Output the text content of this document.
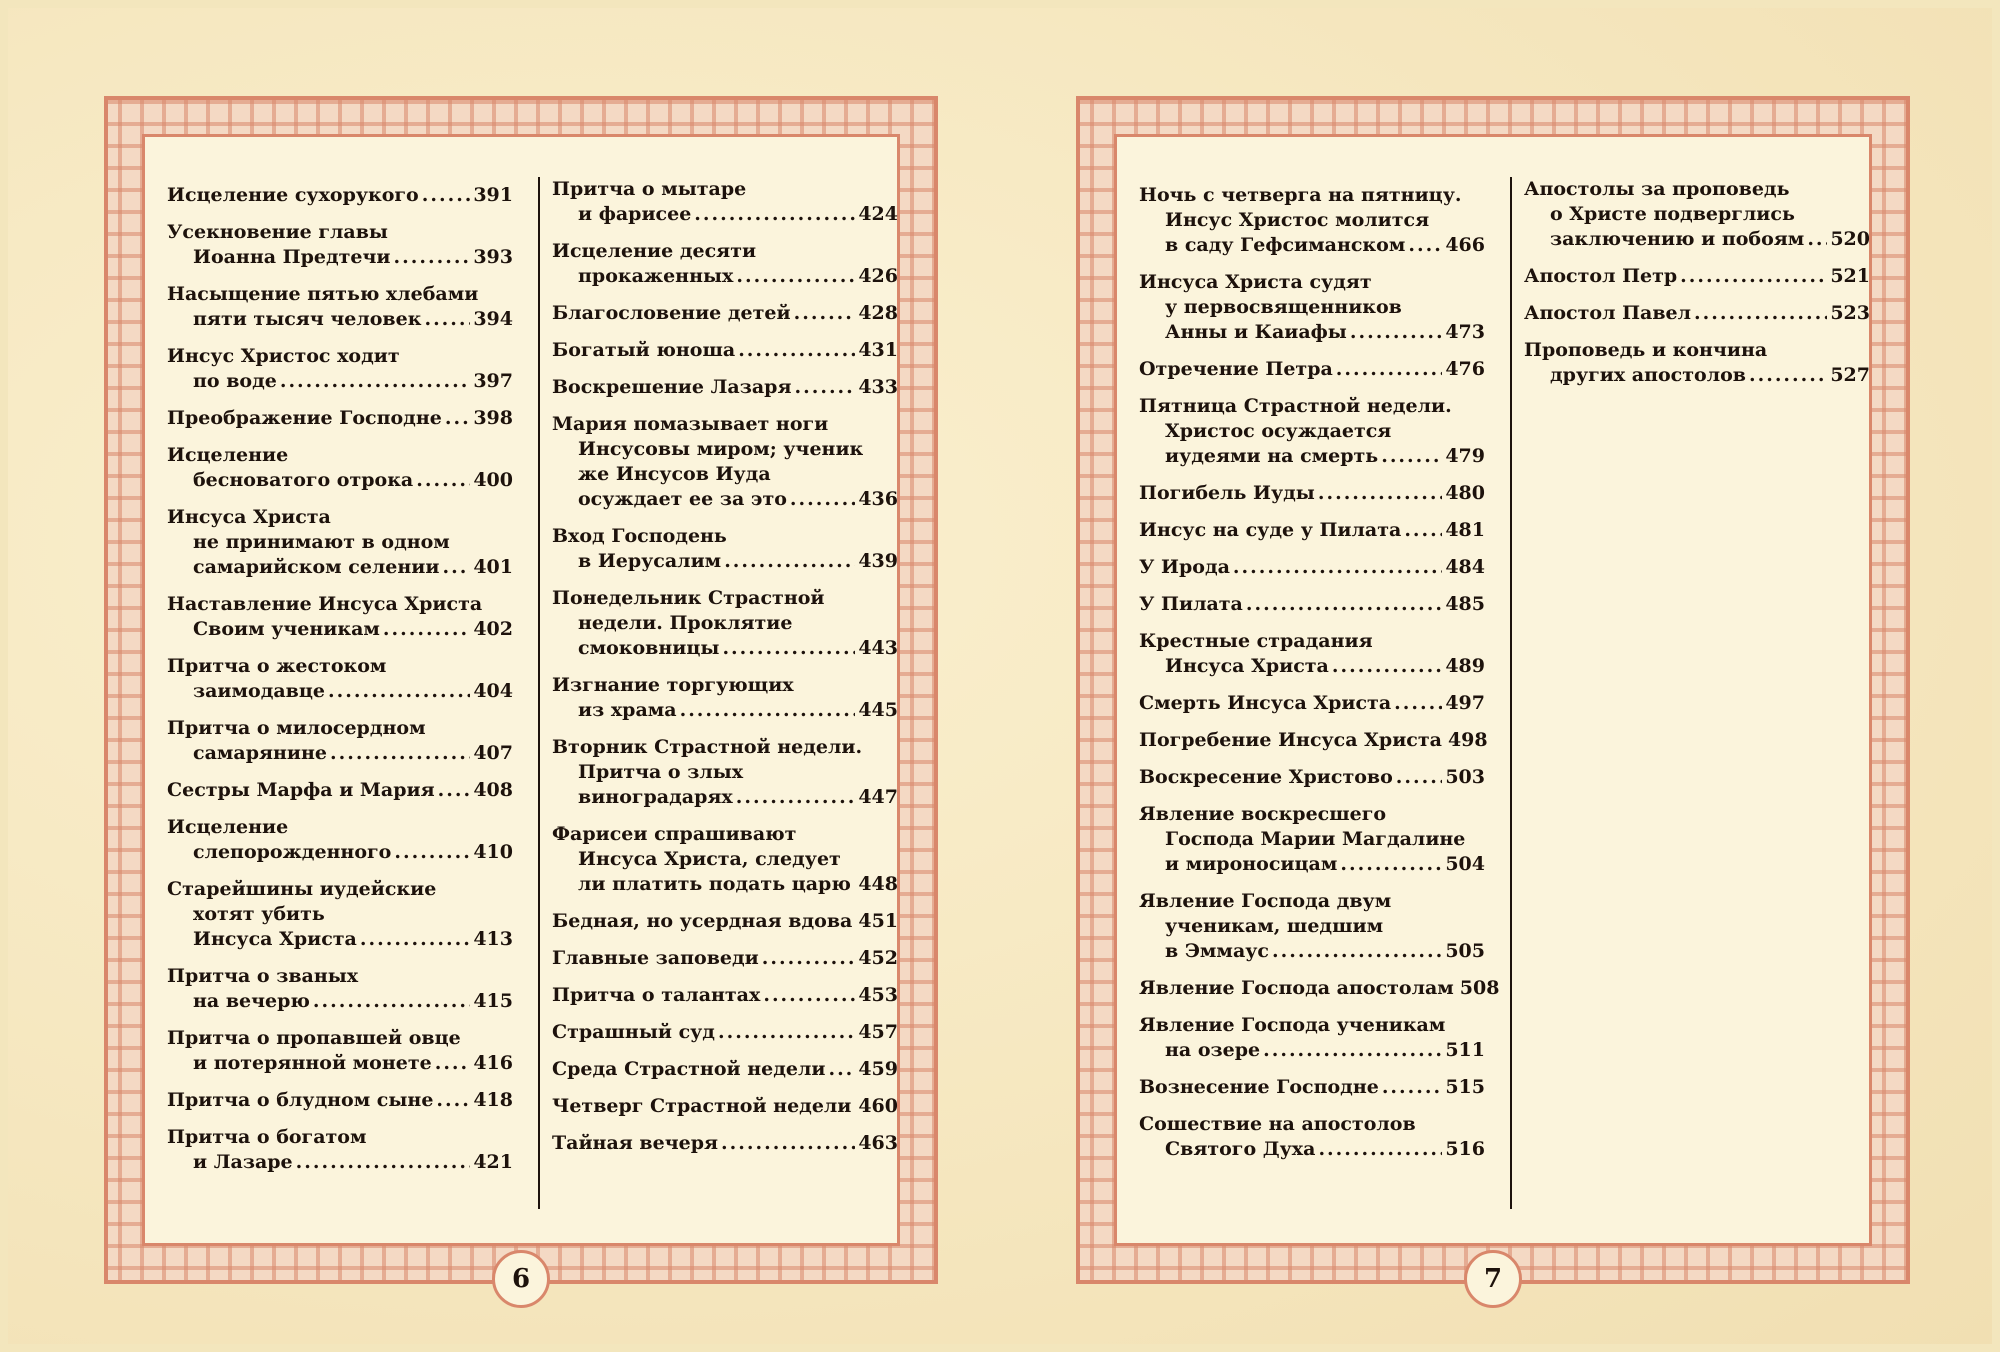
Исцеление сухорукого .....	391
Усекновение главы
Иоанна Предтечи .....	393
Насыщение пятью хлебами
пяти тысяч человек .....	394
Инсус Христос ходит
по воде .....	397
Преображение Господне ..... 398
Исцеление
бесноватого отрока .....	400
Инсуса Христа
не принимают в одном
самарийском селении ..... 401
Наставление Инсуса Христа
Своим ученикам .....	402
Притча о жестоком
заимодавце .....	404
Притча о милосердном
самарянине .....	407
Сестры Марфа и Мария ..... 408
Исцеление
слепорожденного .....	410
Старейшины иудейские
хотят убить
Инсуса Христа .....	413
Притча о званых
на вечерю .....	415
Притча о пропавшей овце
и потерянной монете ..... 416
Притча о блудном сыне ..... 418
Притча о богатом
и Лазаре .....	421
Притча о мытаре
и фарисее .....	424
Исцеление десяти
прокаженных .....	426
Благословение детей .....	428
Богатый юноша .....	431
Воскрешение Лазаря .....	433
Мария помазывает ноги
Инсусовы миром; ученик
же Инсусов Иуда
осуждает ее за это .....	436
Вход Господень
в Иерусалим .....	439
Понедельник Страстной
недели. Проклятие
смоковницы .....	443
Изгнание торгующих
из храма .....	445
Вторник Страстной недели.
Притча о злых
виноградарях .....	447
Фарисеи спрашивают
Инсуса Христа, следует
ли платить подать царю ..... 448
Бедная, но усердная вдова 451
Главные заповеди .....	452
Притча о талантах .....	453
Страшный суд .....	457
Среда Страстной недели ..... 459
Четверг Страстной недели ..... 460
Тайная вечеря .....	463
6
Ночь с четверга на пятницу.
Инсус Христос молится
в саду Гефсиманском ..... 466
Инсуса Христа судят
у первосвященников
Анны и Каиафы .....	473
Отречение Петра .....	476
Пятница Страстной недели.
Христос осуждается
иудеями на смерть .....	479
Погибель Иуды .....	480
Инсус на суде у Пилата ..... 481
У Ирода .....	484
У Пилата .....	485
Крестные страдания
Инсуса Христа .....	489
Смерть Инсуса Христа .....	497
Погребение Инсуса Христа 498
Воскресение Христово .....	503
Явление воскресшего
Господа Марии Магдалине
и мироносицам .....	504
Явление Господа двум
ученикам, шедшим
в Эммаус .....	505
Явление Господа апостолам 508
Явление Господа ученикам
на озере .....	511
Вознесение Господне .....	515
Сошествие на апостолов
Святого Духа .....	516
Апостолы за проповедь
о Христе подверглись
заключению и побоям ..... 520
Апостол Петр .....	521
Апостол Павел .....	523
Проповедь и кончина
других апостолов .....	527
7
